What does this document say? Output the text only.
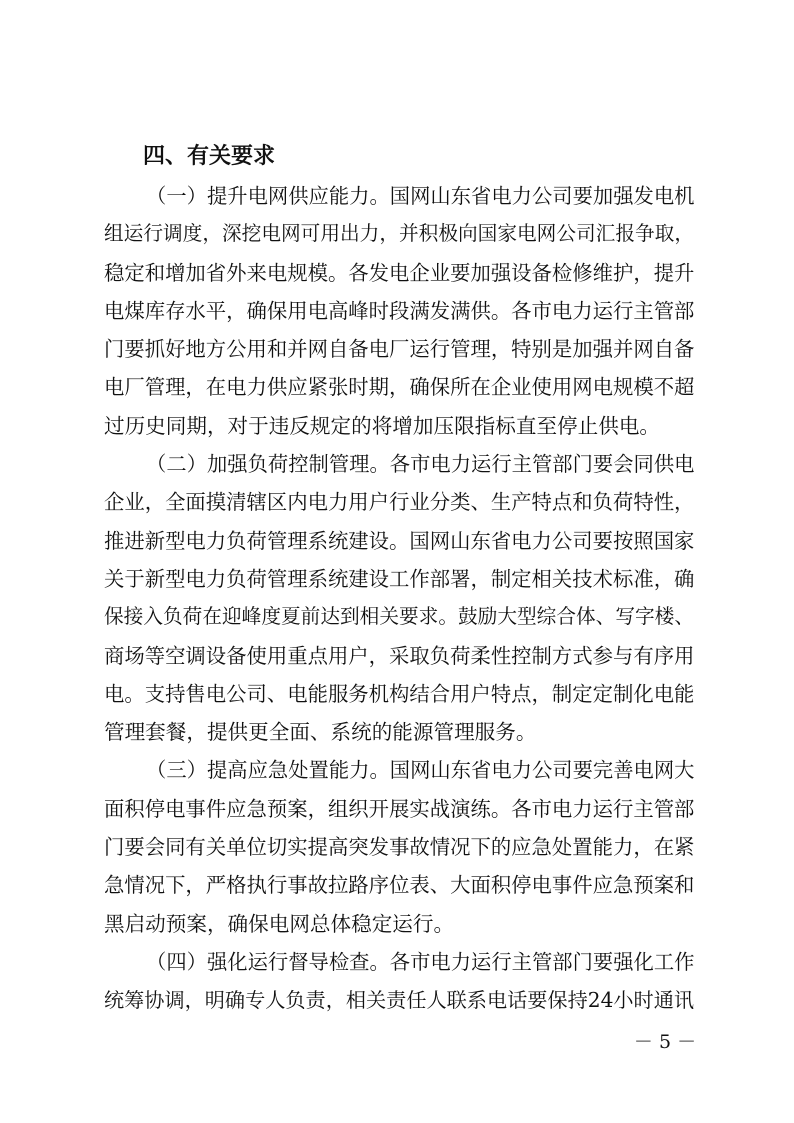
四、有关要求
（一）提升电网供应能力。国网山东省电力公司要加强发电机
组运行调度，深挖电网可用出力，并积极向国家电网公司汇报争取，
稳定和增加省外来电规模。各发电企业要加强设备检修维护，提升
电煤库存水平，确保用电高峰时段满发满供。各市电力运行主管部
门要抓好地方公用和并网自备电厂运行管理，特别是加强并网自备
电厂管理，在电力供应紧张时期，确保所在企业使用网电规模不超
过历史同期，对于违反规定的将增加压限指标直至停止供电。
（二）加强负荷控制管理。各市电力运行主管部门要会同供电
企业，全面摸清辖区内电力用户行业分类、生产特点和负荷特性，
推进新型电力负荷管理系统建设。国网山东省电力公司要按照国家
关于新型电力负荷管理系统建设工作部署，制定相关技术标准，确
保接入负荷在迎峰度夏前达到相关要求。鼓励大型综合体、写字楼、
商场等空调设备使用重点用户，采取负荷柔性控制方式参与有序用
电。支持售电公司、电能服务机构结合用户特点，制定定制化电能
管理套餐，提供更全面、系统的能源管理服务。
（三）提高应急处置能力。国网山东省电力公司要完善电网大
面积停电事件应急预案，组织开展实战演练。各市电力运行主管部
门要会同有关单位切实提高突发事故情况下的应急处置能力，在紧
急情况下，严格执行事故拉路序位表、大面积停电事件应急预案和
黑启动预案，确保电网总体稳定运行。
（四）强化运行督导检查。各市电力运行主管部门要强化工作
统筹协调，明确专人负责，相关责任人联系电话要保持24小时通讯
－ 5 －
